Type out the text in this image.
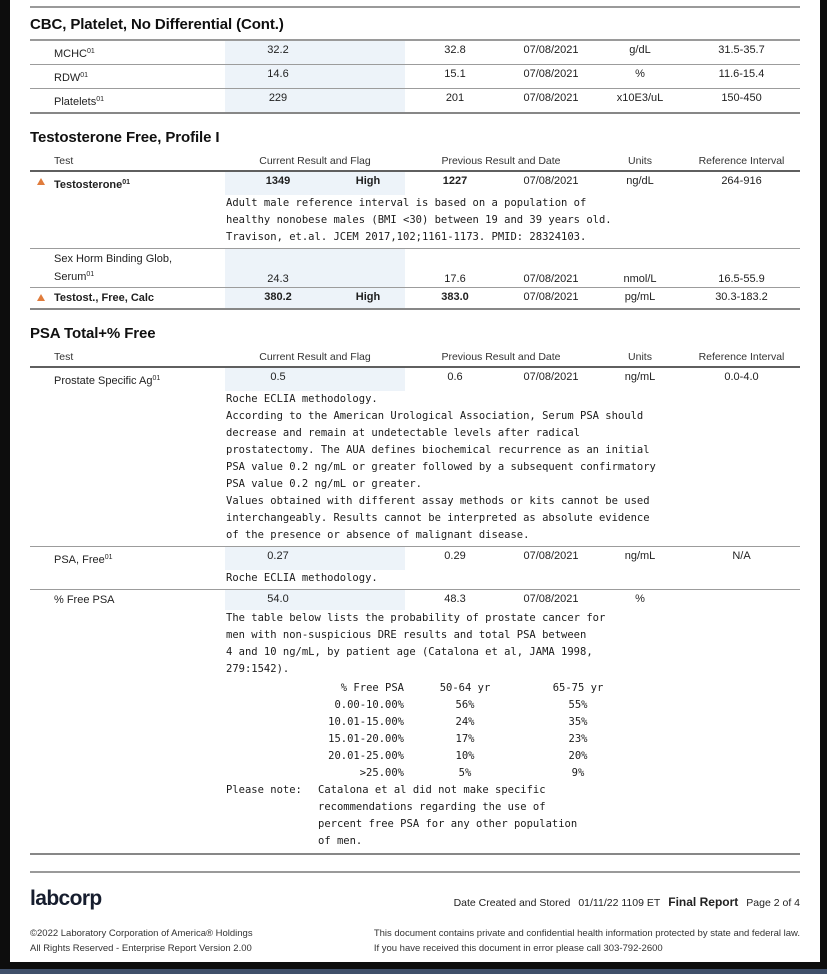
CBC, Platelet, No Differential (Cont.)
MCHC$^{01}$	32.2	32.8	07/08/2021	g/dL	31.5-35.7
RDW$^{01}$	14.6	15.1	07/08/2021	%	11.6-15.4
Platelets$^{01}$	229	201	07/08/2021	x10E3/uL	150-450
Testosterone Free, Profile I
Test	Current Result and Flag	Previous Result and Date	Units	Reference Interval
Testosterone$^{01}$	1349	High	1227	07/08/2021	ng/dL	264-916
Adult male reference interval is based on a population of
healthy nonobese males (BMI <30) between 19 and 39 years old.
Travison, et.al. JCEM 2017,102;1161-1173. PMID: 28324103.
Sex Horm Binding Glob,
Serum$^{01}$	24.3	17.6	07/08/2021	nmol/L	16.5-55.9
Testost., Free, Calc	380.2	High	383.0	07/08/2021	pg/mL	30.3-183.2
PSA Total+% Free
Test	Current Result and Flag	Previous Result and Date	Units	Reference Interval
Prostate Specific Ag$^{01}$	0.5	0.6	07/08/2021	ng/mL	0.0-4.0
Roche ECLIA methodology.
According to the American Urological Association, Serum PSA should
decrease and remain at undetectable levels after radical
prostatectomy. The AUA defines biochemical recurrence as an initial
PSA value 0.2 ng/mL or greater followed by a subsequent confirmatory
PSA value 0.2 ng/mL or greater.
Values obtained with different assay methods or kits cannot be used
interchangeably. Results cannot be interpreted as absolute evidence
of the presence or absence of malignant disease.
PSA, Free$^{01}$	0.27	0.29	07/08/2021	ng/mL	N/A
Roche ECLIA methodology.
% Free PSA	54.0	48.3	07/08/2021	%
The table below lists the probability of prostate cancer for
men with non-suspicious DRE results and total PSA between
4 and 10 ng/mL, by patient age (Catalona et al, JAMA 1998,
279:1542).
% Free PSA	50-64 yr	65-75 yr
0.00-10.00%	56%	55%
10.01-15.00%	24%	35%
15.01-20.00%	17%	23%
20.01-25.00%	10%	20%
>25.00%	5%	9%
Please note:	Catalona et al did not make specific
recommendations regarding the use of
percent free PSA for any other population
of men.
labcorp	Date Created and Stored 01/11/22 1109 ET Final Report Page 2 of 4
©2022 Laboratory Corporation of America® Holdings
All Rights Reserved - Enterprise Report Version 2.00
This document contains private and confidential health information protected by state and federal law.
If you have received this document in error please call 303-792-2600
